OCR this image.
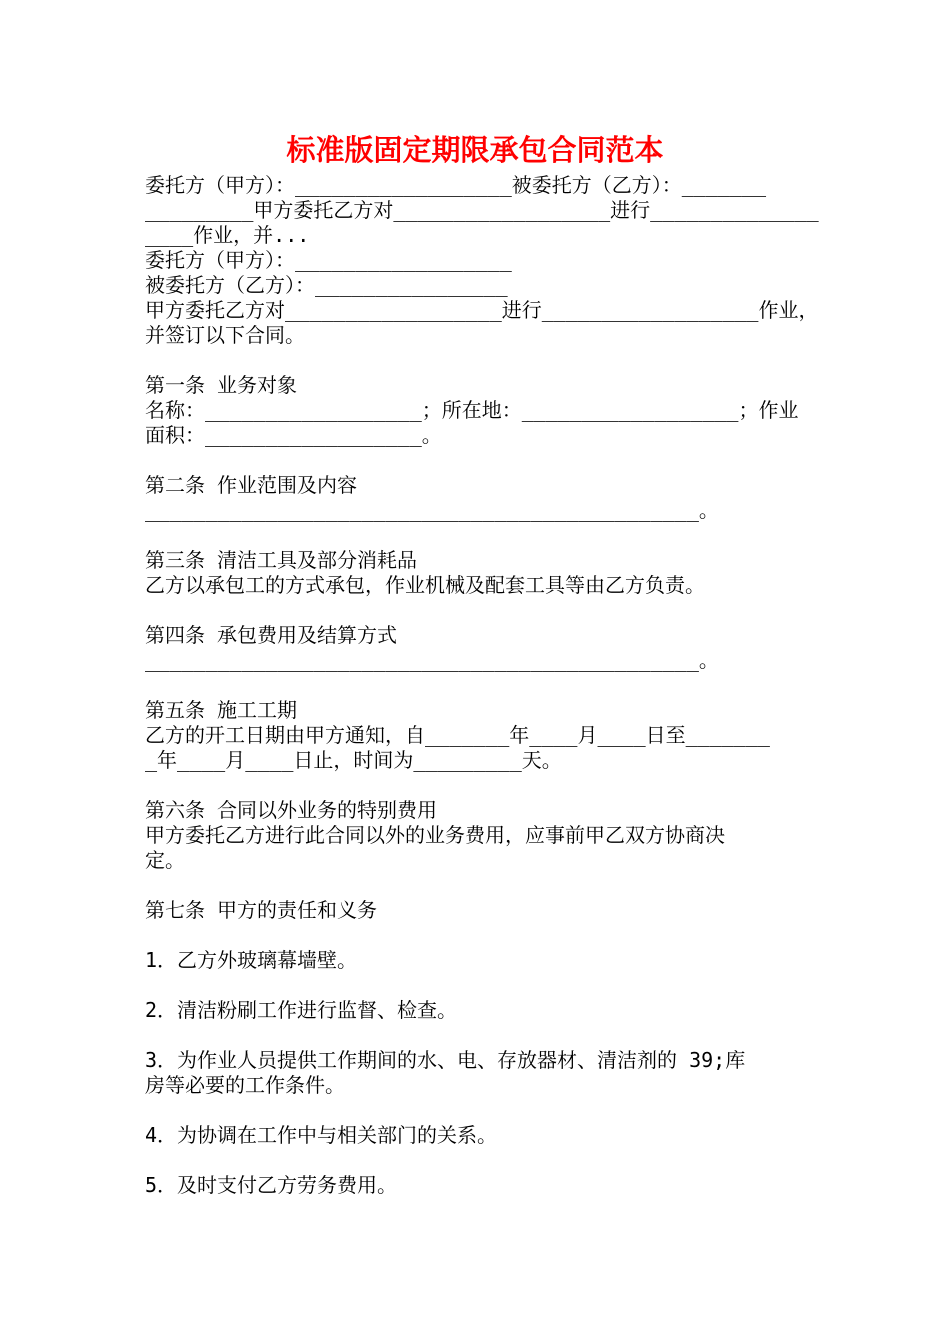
标准版固定期限承包合同范本
委托方（甲方）：__________________被委托方（乙方）：_______
_________甲方委托乙方对__________________进行______________
____作业，并...
委托方（甲方）：__________________
被委托方（乙方）：________________
甲方委托乙方对__________________进行__________________作业，
并签订以下合同。
第一条 业务对象
名称：__________________；所在地：__________________；作业
面积：__________________。
第二条 作业范围及内容
______________________________________________。
第三条 清洁工具及部分消耗品
乙方以承包工的方式承包，作业机械及配套工具等由乙方负责。
第四条 承包费用及结算方式
______________________________________________。
第五条 施工工期
乙方的开工日期由甲方通知，自_______年____月____日至_______
_年____月____日止，时间为_________天。
第六条 合同以外业务的特别费用
甲方委托乙方进行此合同以外的业务费用，应事前甲乙双方协商决
定。
第七条 甲方的责任和义务
1．乙方外玻璃幕墙壁。
2．清洁粉刷工作进行监督、检查。
3．为作业人员提供工作期间的水、电、存放器材、清洁剂的 39;库
房等必要的工作条件。
4．为协调在工作中与相关部门的关系。
5．及时支付乙方劳务费用。
